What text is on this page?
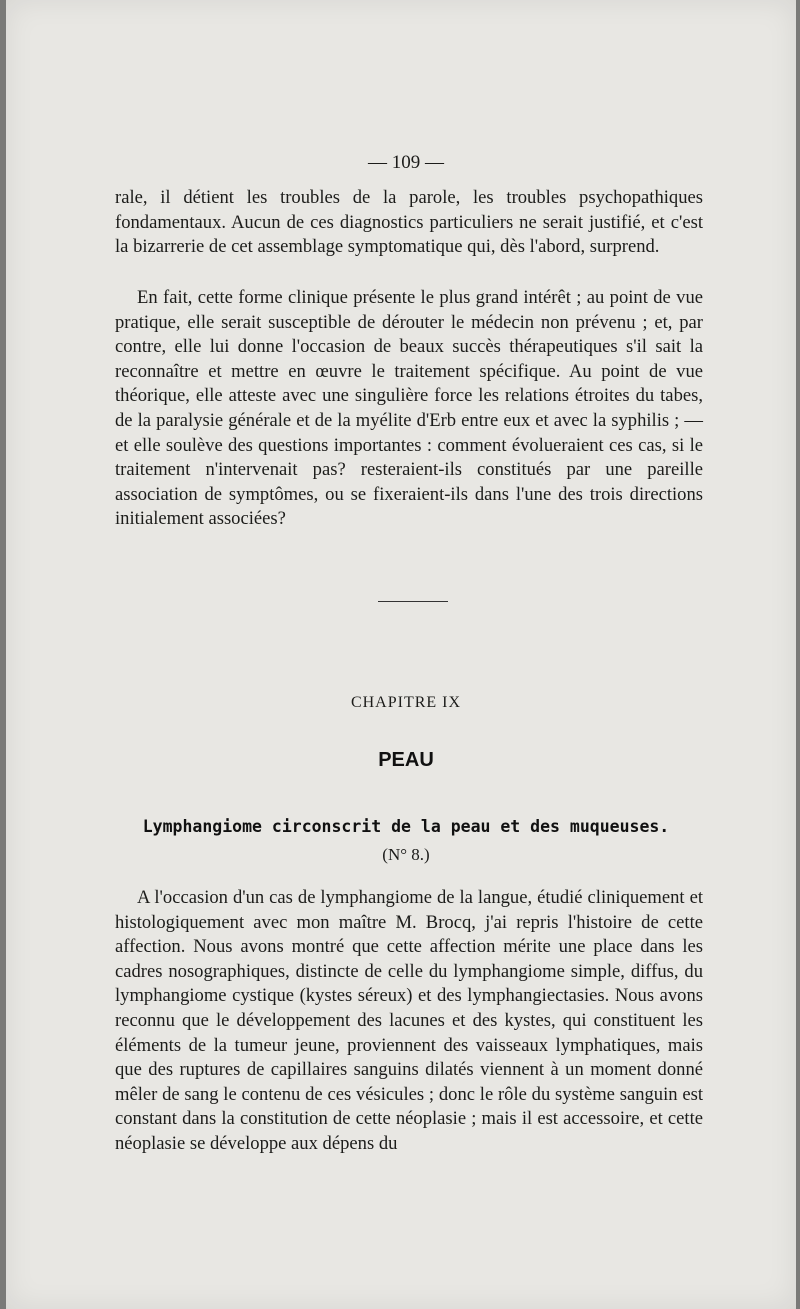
— 109 —

rale, il détient les troubles de la parole, les troubles psychopathiques fondamentaux. Aucun de ces diagnostics particuliers ne serait justifié, et c'est la bizarrerie de cet assemblage symptomatique qui, dès l'abord, surprend.

En fait, cette forme clinique présente le plus grand intérêt ; au point de vue pratique, elle serait susceptible de dérouter le médecin non prévenu ; et, par contre, elle lui donne l'occasion de beaux succès thérapeutiques s'il sait la reconnaître et mettre en œuvre le traitement spécifique. Au point de vue théorique, elle atteste avec une singulière force les relations étroites du tabes, de la paralysie générale et de la myélite d'Erb entre eux et avec la syphilis ; — et elle soulève des questions importantes : comment évolueraient ces cas, si le traitement n'intervenait pas? resteraient-ils constitués par une pareille association de symptômes, ou se fixeraient-ils dans l'une des trois directions initialement associées?

CHAPITRE IX
PEAU
Lymphangiome circonscrit de la peau et des muqueuses.
(N° 8.)

A l'occasion d'un cas de lymphangiome de la langue, étudié cliniquement et histologiquement avec mon maître M. Brocq, j'ai repris l'histoire de cette affection. Nous avons montré que cette affection mérite une place dans les cadres nosographiques, distincte de celle du lymphangiome simple, diffus, du lymphangiome cystique (kystes séreux) et des lymphangiectasies. Nous avons reconnu que le développement des lacunes et des kystes, qui constituent les éléments de la tumeur jeune, proviennent des vaisseaux lymphatiques, mais que des ruptures de capillaires sanguins dilatés viennent à un moment donné mêler de sang le contenu de ces vésicules ; donc le rôle du système sanguin est constant dans la constitution de cette néoplasie ; mais il est accessoire, et cette néoplasie se développe aux dépens du
